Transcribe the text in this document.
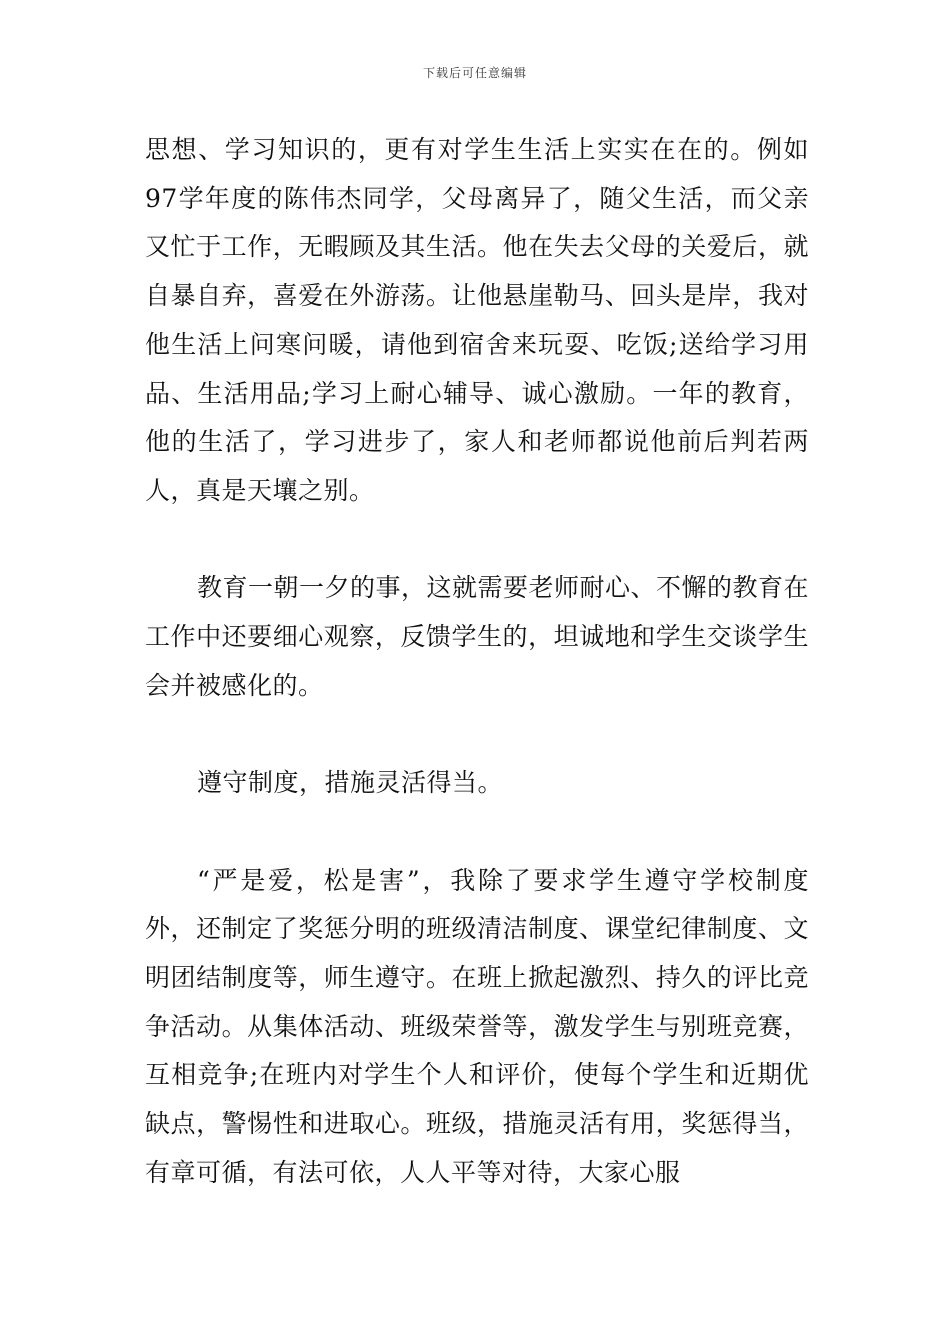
下载后可任意编辑

思想、学习知识的，更有对学生生活上实实在在的。例如97学年度的陈伟杰同学，父母离异了，随父生活，而父亲又忙于工作，无暇顾及其生活。他在失去父母的关爱后，就自暴自弃，喜爱在外游荡。让他悬崖勒马、回头是岸，我对他生活上问寒问暖，请他到宿舍来玩耍、吃饭;送给学习用品、生活用品;学习上耐心辅导、诚心激励。一年的教育，他的生活了，学习进步了，家人和老师都说他前后判若两人，真是天壤之别。

教育一朝一夕的事，这就需要老师耐心、不懈的教育在工作中还要细心观察，反馈学生的，坦诚地和学生交谈学生会并被感化的。

遵守制度，措施灵活得当。

“严是爱，松是害”，我除了要求学生遵守学校制度外，还制定了奖惩分明的班级清洁制度、课堂纪律制度、文明团结制度等，师生遵守。在班上掀起激烈、持久的评比竞争活动。从集体活动、班级荣誉等，激发学生与别班竞赛，互相竞争;在班内对学生个人和评价，使每个学生和近期优缺点，警惕性和进取心。班级，措施灵活有用，奖惩得当，有章可循，有法可依，人人平等对待，大家心服
